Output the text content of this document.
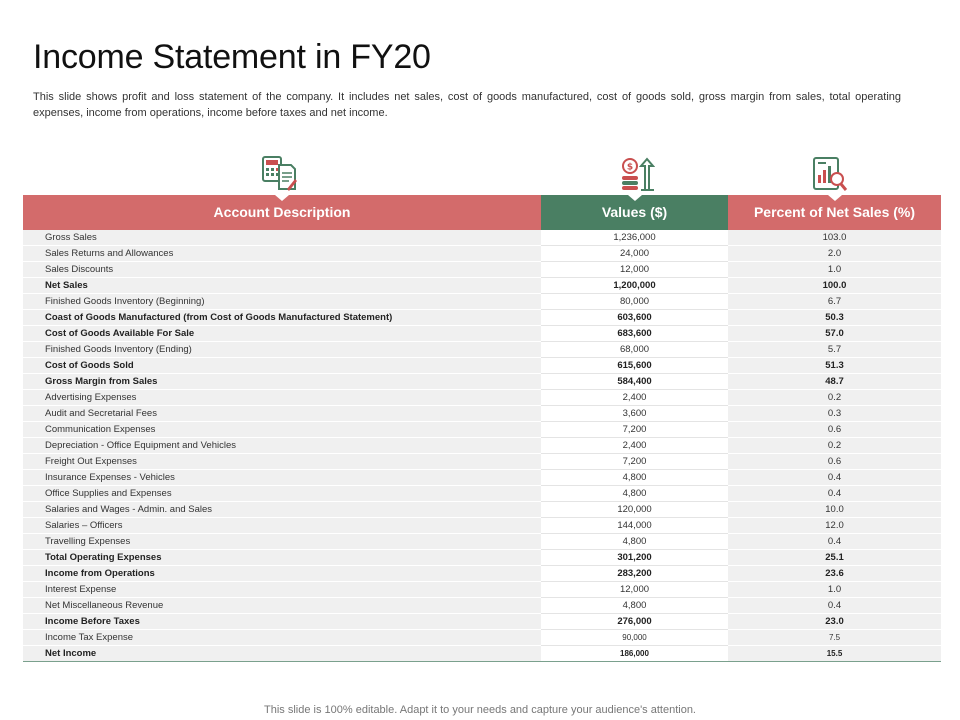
Income Statement in FY20

This slide shows profit and loss statement of the company. It includes net sales, cost of goods manufactured, cost of goods sold, gross margin from sales, total operating expenses, income from operations, income before taxes and net income.

$
Account Description	Values ($)	Percent of Net Sales (%)
Gross Sales	1,236,000	103.0
Sales Returns and Allowances	24,000	2.0
Sales Discounts	12,000	1.0
Net Sales	1,200,000	100.0
Finished Goods Inventory (Beginning)	80,000	6.7
Coast of Goods Manufactured (from Cost of Goods Manufactured Statement)	603,600	50.3
Cost of Goods Available For Sale	683,600	57.0
Finished Goods Inventory (Ending)	68,000	5.7
Cost of Goods Sold	615,600	51.3
Gross Margin from Sales	584,400	48.7
Advertising Expenses	2,400	0.2
Audit and Secretarial Fees	3,600	0.3
Communication Expenses	7,200	0.6
Depreciation - Office Equipment and Vehicles	2,400	0.2
Freight Out Expenses	7,200	0.6
Insurance Expenses - Vehicles	4,800	0.4
Office Supplies and Expenses	4,800	0.4
Salaries and Wages - Admin. and Sales	120,000	10.0
Salaries – Officers	144,000	12.0
Travelling Expenses	4,800	0.4
Total Operating Expenses	301,200	25.1
Income from Operations	283,200	23.6
Interest Expense	12,000	1.0
Net Miscellaneous Revenue	4,800	0.4
Income Before Taxes	276,000	23.0
Income Tax Expense	90,000	7.5
Net Income	186,000	15.5
This slide is 100% editable. Adapt it to your needs and capture your audience's attention.
